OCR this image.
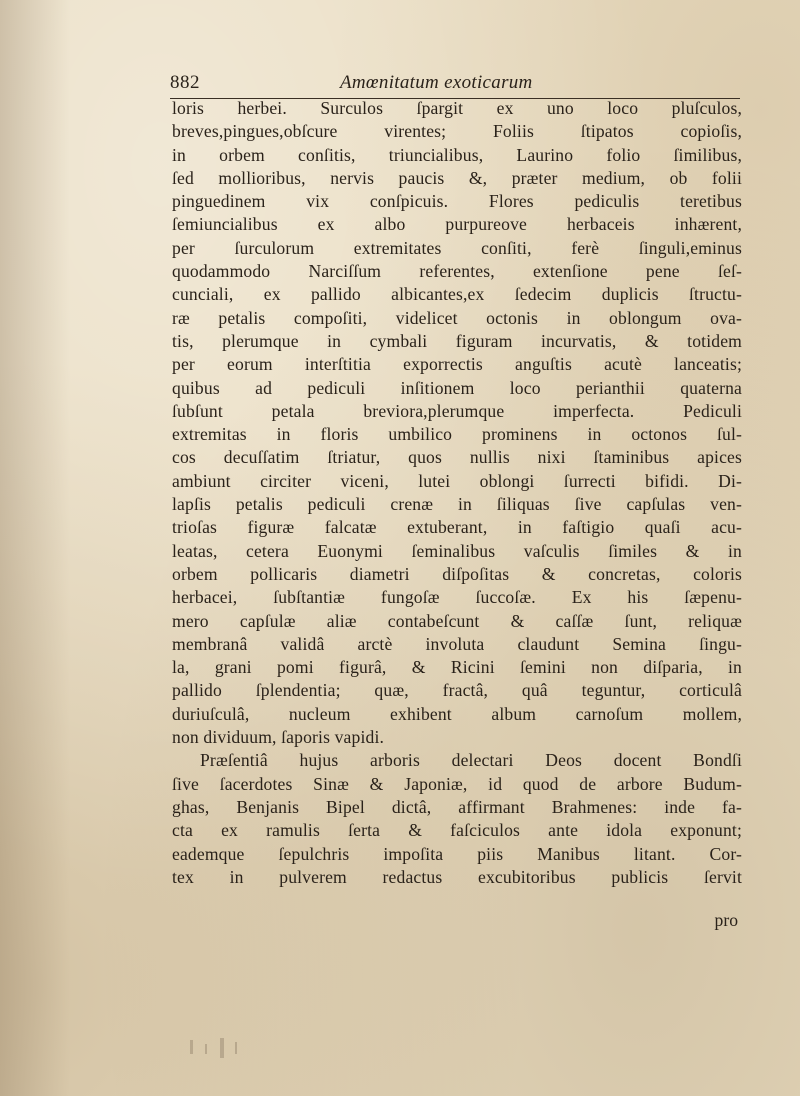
882	Amœnitatum exoticarum
loris herbei. Surculos ſpargit ex uno loco pluſculos,
breves,pingues,obſcure virentes; Foliis ſtipatos copioſis,
in orbem conſitis, triuncialibus, Laurino folio ſimilibus,
ſed mollioribus, nervis paucis &, præter medium, ob folii
pinguedinem vix conſpicuis. Flores pediculis teretibus
ſemiuncialibus ex albo purpureove herbaceis inhærent,
per ſurculorum extremitates conſiti, ferè ſinguli,eminus
quodammodo Narciſſum referentes, extenſione pene ſeſ-
cunciali, ex pallido albicantes,ex ſedecim duplicis ſtructu-
ræ petalis compoſiti, videlicet octonis in oblongum ova-
tis, plerumque in cymbali figuram incurvatis, & totidem
per eorum interſtitia exporrectis anguſtis acutè lanceatis;
quibus ad pediculi inſitionem loco perianthii quaterna
ſubſunt petala breviora,plerumque imperfecta. Pediculi
extremitas in floris umbilico prominens in octonos ſul-
cos decuſſatim ſtriatur, quos nullis nixi ſtaminibus apices
ambiunt circiter viceni, lutei oblongi ſurrecti bifidi. Di-
lapſis petalis pediculi crenæ in ſiliquas ſive capſulas ven-
trioſas figuræ falcatæ extuberant, in faſtigio quaſi acu-
leatas, cetera Euonymi ſeminalibus vaſculis ſimiles & in
orbem pollicaris diametri diſpoſitas & concretas, coloris
herbacei, ſubſtantiæ fungoſæ ſuccoſæ. Ex his ſæpenu-
mero capſulæ aliæ contabeſcunt & caſſæ ſunt, reliquæ
membranâ validâ arctè involuta claudunt Semina ſingu-
la, grani pomi figurâ, & Ricini ſemini non diſparia, in
pallido ſplendentia; quæ, fractâ, quâ teguntur, corticulâ
duriuſculâ, nucleum exhibent album carnoſum mollem,
non dividuum, ſaporis vapidi.
Præſentiâ hujus arboris delectari Deos docent Bondſi
ſive ſacerdotes Sinæ & Japoniæ, id quod de arbore Budum-
ghas, Benjanis Bipel dictâ, affirmant Brahmenes: inde fa-
cta ex ramulis ſerta & faſciculos ante idola exponunt;
eademque ſepulchris impoſita piis Manibus litant. Cor-
tex in pulverem redactus excubitoribus publicis ſervit
pro
